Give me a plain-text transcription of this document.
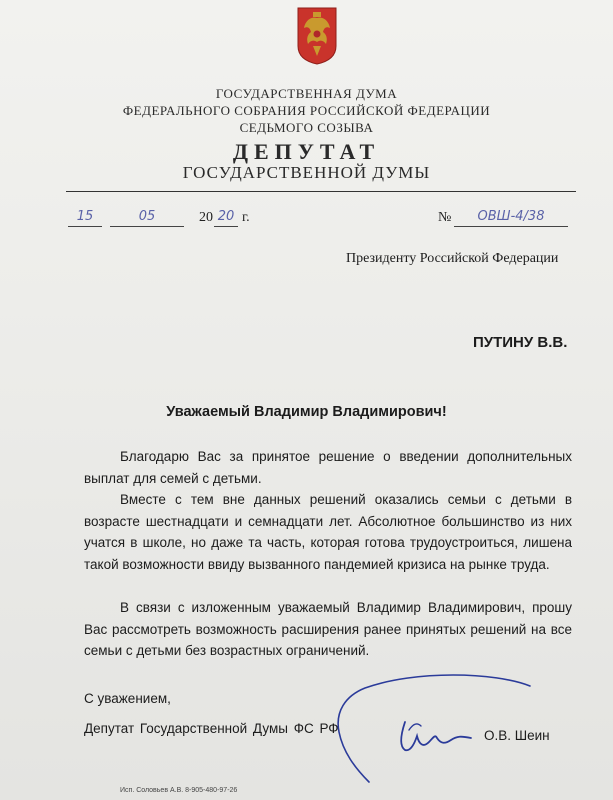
ГОСУДАРСТВЕННАЯ ДУМА
ФЕДЕРАЛЬНОГО СОБРАНИЯ РОССИЙСКОЙ ФЕДЕРАЦИИ
СЕДЬМОГО СОЗЫВА
ДЕПУТАТ
ГОСУДАРСТВЕННОЙ ДУМЫ
15	05	20 20 г.	№	ОВШ-4/38
Президенту Российской Федерации
ПУТИНУ В.В.
Уважаемый Владимир Владимирович!

Благодарю Вас за принятое решение о введении дополнительных выплат для семей с детьми.

Вместе с тем вне данных решений оказались семьи с детьми в возрасте шестнадцати и семнадцати лет. Абсолютное большинство из них учатся в школе, но даже та часть, которая готова трудоустроиться, лишена такой возможности ввиду вызванного пандемией кризиса на рынке труда.

В связи с изложенным уважаемый Владимир Владимирович, прошу Вас рассмотреть возможность расширения ранее принятых решений на все семьи с детьми без возрастных ограничений.

С уважением,
Депутат Государственной Думы ФС РФ	О.В. Шеин
Исп. Соловьев А.В. 8-905-480-97-26
